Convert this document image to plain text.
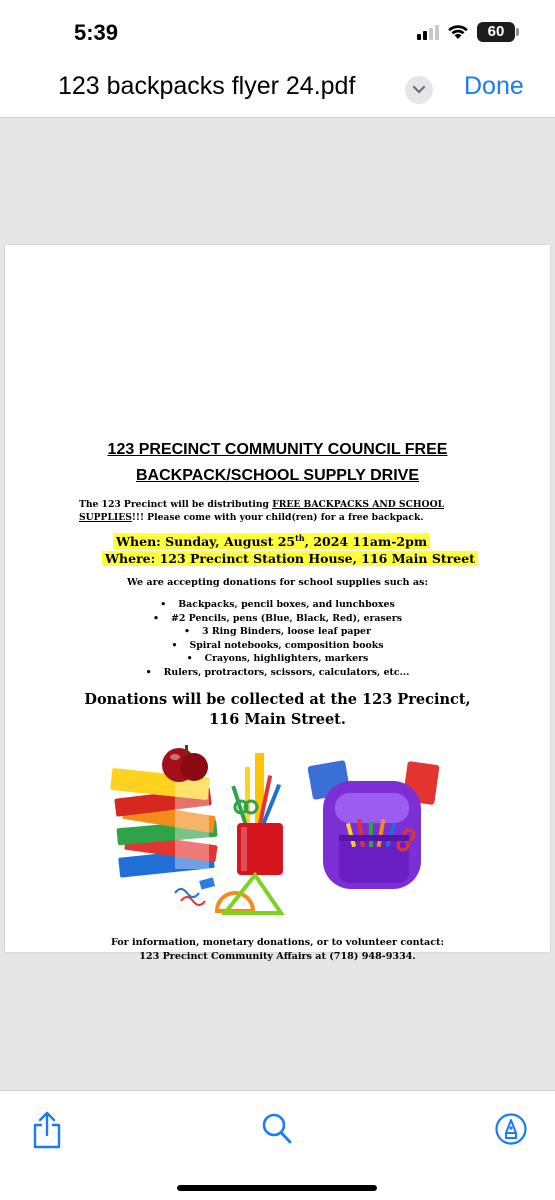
5:39	60
123 backpacks flyer 24.pdf	Done
123 PRECINCT COMMUNITY COUNCIL FREE
BACKPACK/SCHOOL SUPPLY DRIVE
The 123 Precinct will be distributing FREE BACKPACKS AND SCHOOL SUPPLIES!!! Please come with your child(ren) for a free backpack.
When: Sunday, August 25th, 2024 11am-2pm
Where: 123 Precinct Station House, 116 Main Street
We are accepting donations for school supplies such as:
• Backpacks, pencil boxes, and lunchboxes
• #2 Pencils, pens (Blue, Black, Red), erasers
• 3 Ring Binders, loose leaf paper
• Spiral notebooks, composition books
• Crayons, highlighters, markers
• Rulers, protractors, scissors, calculators, etc...
Donations will be collected at the 123 Precinct,
116 Main Street.
For information, monetary donations, or to volunteer contact:
123 Precinct Community Affairs at (718) 948-9334.
